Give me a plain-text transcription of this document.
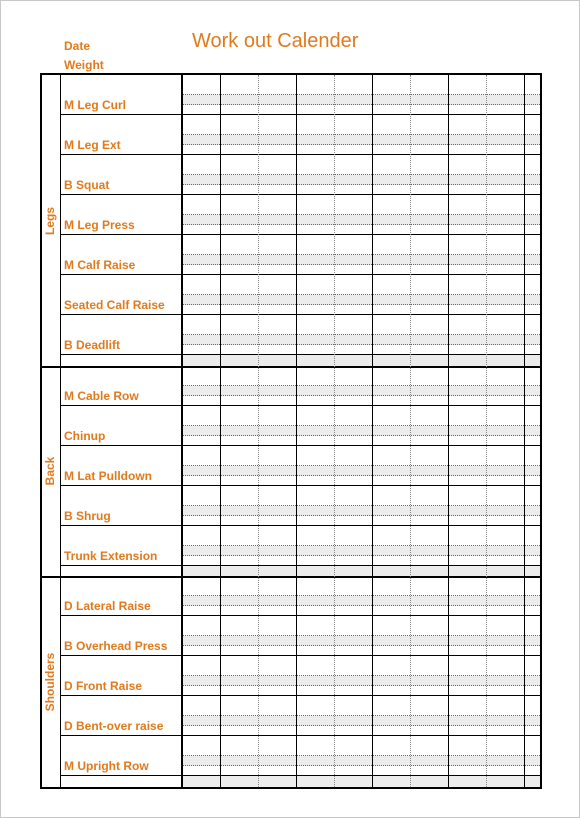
Date
Weight
Work out Calender
Legs
M Leg Curl
M Leg Ext
B Squat
M Leg Press
M Calf Raise
Seated Calf Raise
B Deadlift
Back
M Cable Row
Chinup
M Lat Pulldown
B Shrug
Trunk Extension
Shoulders
D Lateral Raise
B Overhead Press
D Front Raise
D Bent-over raise
M Upright Row
